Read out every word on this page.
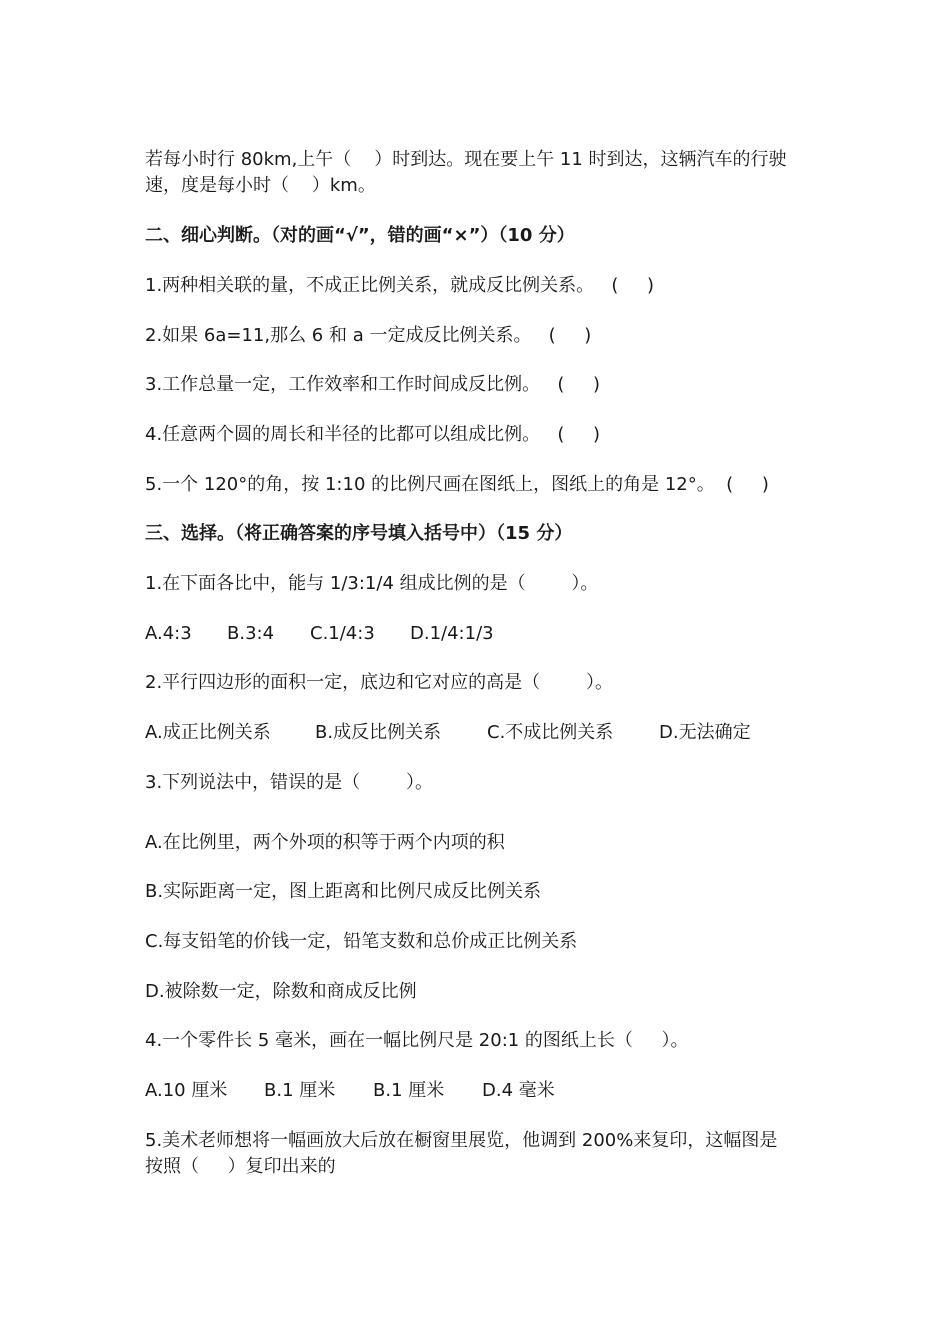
若每小时行 80km,上午（    ）时到达。现在要上午 11 时到达，这辆汽车的行驶
速，度是每小时（    ）km。
二、细心判断。（对的画“√”，错的画“×”）（10 分）
1.两种相关联的量，不成正比例关系，就成反比例关系。   (     )
2.如果 6a=11,那么 6 和 a 一定成反比例关系。   (     )
3.工作总量一定，工作效率和工作时间成反比例。   (     )
4.任意两个圆的周长和半径的比都可以组成比例。   (     )
5.一个 120°的角，按 1:10 的比例尺画在图纸上，图纸上的角是 12°。  (     )
三、选择。（将正确答案的序号填入括号中）（15 分）
1.在下面各比中，能与 1/3:1/4 组成比例的是（        ）。
A.4:3 B.3:4 C.1/4:3 D.1/4:1/3
2.平行四边形的面积一定，底边和它对应的高是（        ）。
A.成正比例关系 B.成反比例关系	C.不成比例关系	D.无法确定
3.下列说法中，错误的是（        ）。
A.在比例里，两个外项的积等于两个内项的积
B.实际距离一定，图上距离和比例尺成反比例关系
C.每支铅笔的价钱一定，铅笔支数和总价成正比例关系
D.被除数一定，除数和商成反比例
4.一个零件长 5 毫米，画在一幅比例尺是 20:1 的图纸上长（     ）。
A.10 厘米 B.1 厘米 B.1 厘米 D.4 毫米
5.美术老师想将一幅画放大后放在橱窗里展览，他调到 200%来复印，这幅图是
按照（     ）复印出来的
